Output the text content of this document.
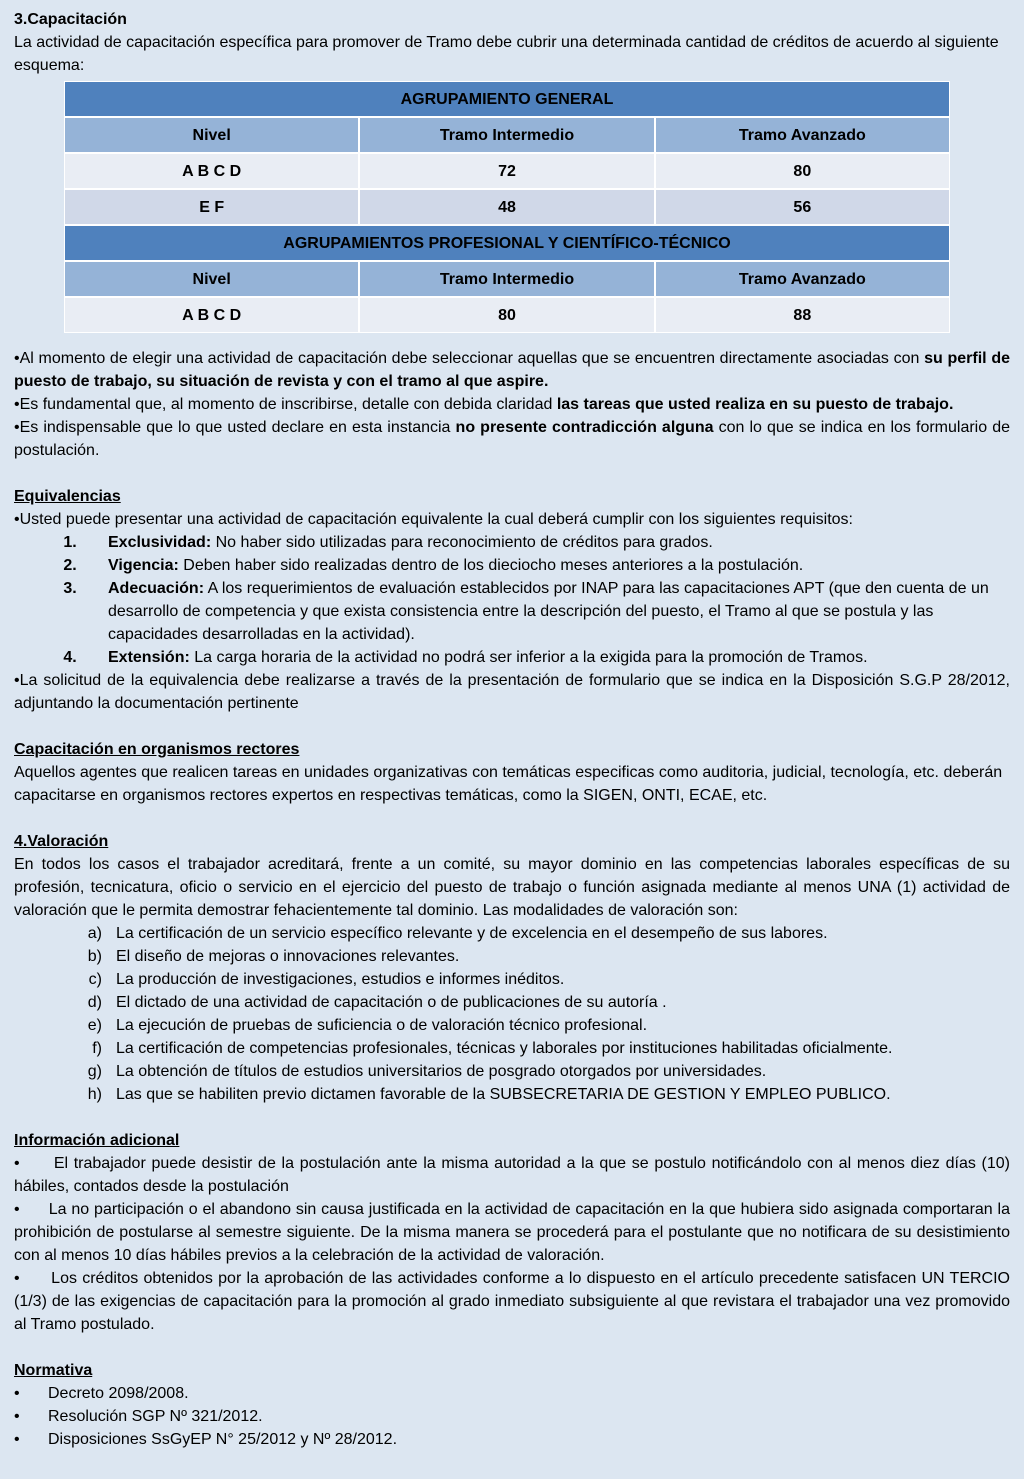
3.Capacitación

La actividad de capacitación específica para promover de Tramo debe cubrir una determinada cantidad de créditos de acuerdo al siguiente esquema:

AGRUPAMIENTO GENERAL		
Nivel	Tramo Intermedio	Tramo Avanzado
A B C D	72	80
E F	48	56
AGRUPAMIENTOS PROFESIONAL Y CIENTÍFICO-TÉCNICO		
Nivel	Tramo Intermedio	Tramo Avanzado
A B C D	80	88

•Al momento de elegir una actividad de capacitación debe seleccionar aquellas que se encuentren directamente asociadas con su perfil de puesto de trabajo, su situación de revista y con el tramo al que aspire.

•Es fundamental que, al momento de inscribirse, detalle con debida claridad las tareas que usted realiza en su puesto de trabajo.

•Es indispensable que lo que usted declare en esta instancia no presente contradicción alguna con lo que se indica en los formulario de postulación.

Equivalencias

•Usted puede presentar una actividad de capacitación equivalente la cual deberá cumplir con los siguientes requisitos:

1.	Exclusividad: No haber sido utilizadas para reconocimiento de créditos para grados.
2.	Vigencia: Deben haber sido realizadas dentro de los dieciocho meses anteriores a la postulación.
3.	Adecuación: A los requerimientos de evaluación establecidos por INAP para las capacitaciones APT (que den cuenta de un desarrollo de competencia y que exista consistencia entre la descripción del puesto, el Tramo al que se postula y las capacidades desarrolladas en la actividad).
4.	Extensión: La carga horaria de la actividad no podrá ser inferior a la exigida para la promoción de Tramos.

•La solicitud de la equivalencia debe realizarse a través de la presentación de formulario que se indica en la Disposición S.G.P 28/2012, adjuntando la documentación pertinente

Capacitación en organismos rectores

Aquellos agentes que realicen tareas en unidades organizativas con temáticas especificas como auditoria, judicial, tecnología, etc. deberán capacitarse en organismos rectores expertos en respectivas temáticas, como la SIGEN, ONTI, ECAE, etc.

4.Valoración

En todos los casos el trabajador acreditará, frente a un comité, su mayor dominio en las competencias laborales específicas de su profesión, tecnicatura, oficio o servicio en el ejercicio del puesto de trabajo o función asignada mediante al menos UNA (1) actividad de valoración que le permita demostrar fehacientemente tal dominio. Las modalidades de valoración son:

a) La certificación de un servicio específico relevante y de excelencia en el desempeño de sus labores.
b) El diseño de mejoras o innovaciones relevantes.
c) La producción de investigaciones, estudios e informes inéditos.
d) El dictado de una actividad de capacitación o de publicaciones de su autoría .
e) La ejecución de pruebas de suficiencia o de valoración técnico profesional.
f) La certificación de competencias profesionales, técnicas y laborales por instituciones habilitadas oficialmente.
g) La obtención de títulos de estudios universitarios de posgrado otorgados por universidades.
h) Las que se habiliten previo dictamen favorable de la SUBSECRETARIA DE GESTION Y EMPLEO PUBLICO.

Información adicional

•      El trabajador puede desistir de la postulación ante la misma autoridad a la que se postulo notificándolo con al menos diez días (10) hábiles, contados desde la postulación

•      La no participación o el abandono sin causa justificada en la actividad de capacitación en la que hubiera sido asignada comportaran la prohibición de postularse al semestre siguiente. De la misma manera se procederá para el postulante que no notificara de su desistimiento con al menos 10 días hábiles previos a la celebración de la actividad de valoración.

•      Los créditos obtenidos por la aprobación de las actividades conforme a lo dispuesto en el artículo precedente satisfacen UN TERCIO (1/3) de las exigencias de capacitación para la promoción al grado inmediato subsiguiente al que revistara el trabajador una vez promovido al Tramo postulado.

Normativa

•	Decreto 2098/2008.
•	Resolución SGP Nº 321/2012.
•	Disposiciones SsGyEP N° 25/2012 y Nº 28/2012.
